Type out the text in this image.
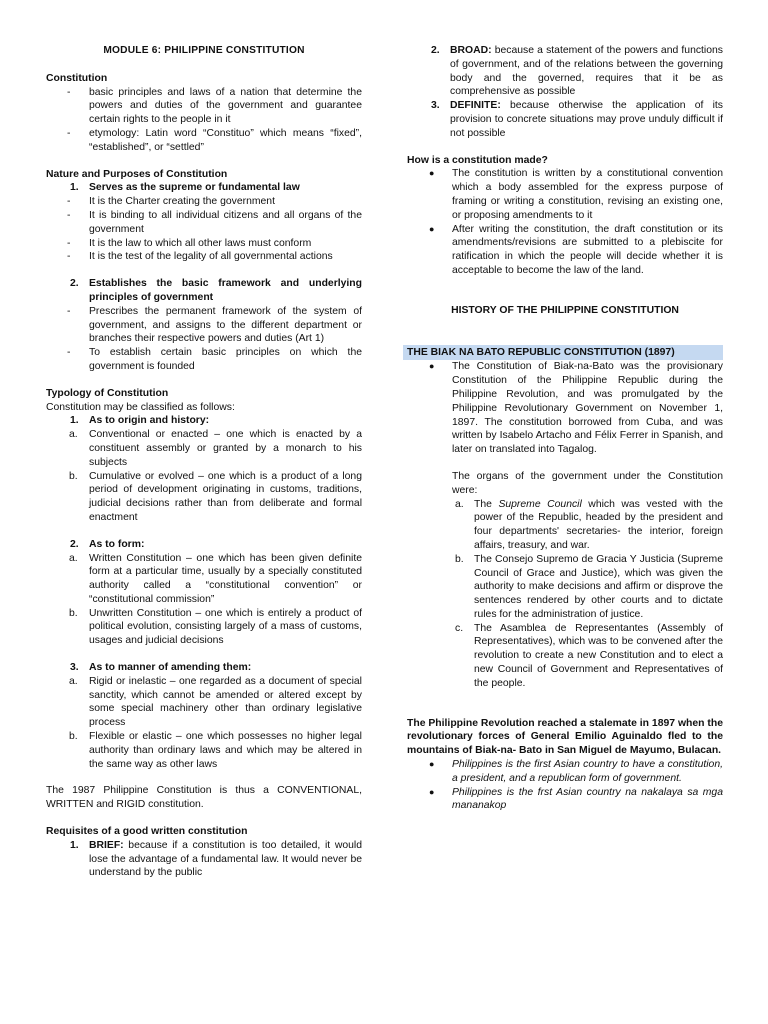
MODULE 6: PHILIPPINE CONSTITUTION
Constitution
- basic principles and laws of a nation that determine the powers and duties of the government and guarantee certain rights to the people in it
- etymology: Latin word “Constituo” which means “fixed”, “established”, or “settled”
Nature and Purposes of Constitution
1. Serves as the supreme or fundamental law
- It is the Charter creating the government
- It is binding to all individual citizens and all organs of the government
- It is the law to which all other laws must conform
- It is the test of the legality of all governmental actions
2. Establishes the basic framework and underlying principles of government
- Prescribes the permanent framework of the system of government, and assigns to the different department or branches their respective powers and duties (Art 1)
- To establish certain basic principles on which the government is founded
Typology of Constitution

Constitution may be classified as follows:

1. As to origin and history:
a. Conventional or enacted – one which is enacted by a constituent assembly or granted by a monarch to his subjects
b. Cumulative or evolved – one which is a product of a long period of development originating in customs, traditions, judicial decisions rather than from deliberate and formal enactment
2. As to form:
a. Written Constitution – one which has been given definite form at a particular time, usually by a specially constituted authority called a “constitutional convention” or “constitutional commission”
b. Unwritten Constitution – one which is entirely a product of political evolution, consisting largely of a mass of customs, usages and judicial decisions
3. As to manner of amending them:
a. Rigid or inelastic – one regarded as a document of special sanctity, which cannot be amended or altered except by some special machinery other than ordinary legislative process
b. Flexible or elastic – one which possesses no higher legal authority than ordinary laws and which may be altered in the same way as other laws

The 1987 Philippine Constitution is thus a CONVENTIONAL, WRITTEN and RIGID constitution.

Requisites of a good written constitution
1. BRIEF: because if a constitution is too detailed, it would lose the advantage of a fundamental law. It would never be understand by the public
2. BROAD: because a statement of the powers and functions of government, and of the relations between the governing body and the governed, requires that it be as comprehensive as possible
3. DEFINITE: because otherwise the application of its provision to concrete situations may prove unduly difficult if not possible
How is a constitution made?
● The constitution is written by a constitutional convention which a body assembled for the express purpose of framing or writing a constitution, revising an existing one, or proposing amendments to it
● After writing the constitution, the draft constitution or its amendments/revisions are submitted to a plebiscite for ratification in which the people will decide whether it is acceptable to become the law of the land.
HISTORY OF THE PHILIPPINE CONSTITUTION
THE BIAK NA BATO REPUBLIC CONSTITUTION (1897)
● The Constitution of Biak-na-Bato was the provisionary Constitution of the Philippine Republic during the Philippine Revolution, and was promulgated by the Philippine Revolutionary Government on November 1, 1897. The constitution borrowed from Cuba, and was written by Isabelo Artacho and Félix Ferrer in Spanish, and later on translated into Tagalog.

The organs of the government under the Constitution were:

a. The Supreme Council which was vested with the power of the Republic, headed by the president and four departments' secretaries- the interior, foreign affairs, treasury, and war.
b. The Consejo Supremo de Gracia Y Justicia (Supreme Council of Grace and Justice), which was given the authority to make decisions and affirm or disprove the sentences rendered by other courts and to dictate rules for the administration of justice.
c. The Asamblea de Representantes (Assembly of Representatives), which was to be convened after the revolution to create a new Constitution and to elect a new Council of Government and Representatives of the people.

The Philippine Revolution reached a stalemate in 1897 when the revolutionary forces of General Emilio Aguinaldo fled to the mountains of Biak-na- Bato in San Miguel de Mayumo, Bulacan.

● Philippines is the first Asian country to have a constitution, a president, and a republican form of government.
● Philippines is the frst Asian country na nakalaya sa mga mananakop
